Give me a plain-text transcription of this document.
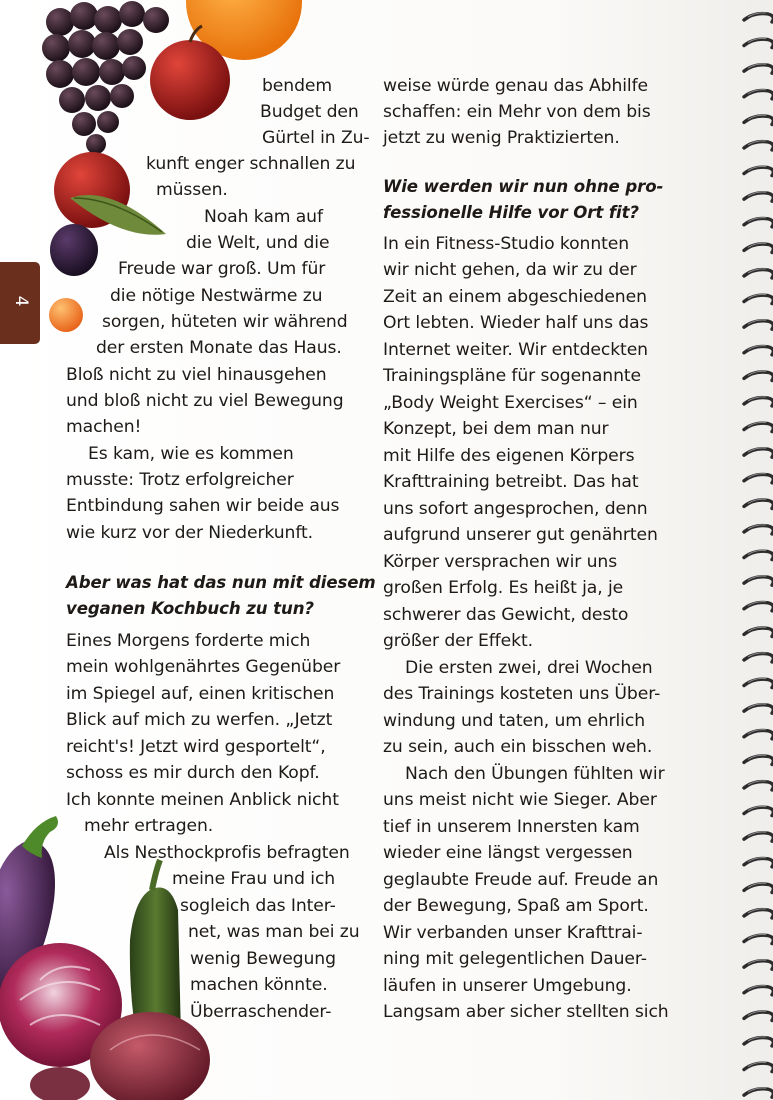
4
bendem
Budget den
Gürtel in Zu-
kunft enger schnallen zu
müssen.
Noah kam auf
die Welt, und die
Freude war groß. Um für
die nötige Nestwärme zu
sorgen, hüteten wir während
der ersten Monate das Haus.
Bloß nicht zu viel hinausgehen
und bloß nicht zu viel Bewegung
machen!
Es kam, wie es kommen
musste: Trotz erfolgreicher
Entbindung sahen wir beide aus
wie kurz vor der Niederkunft.
Aber was hat das nun mit diesem
veganen Kochbuch zu tun?
Eines Morgens forderte mich
mein wohlgenährtes Gegenüber
im Spiegel auf, einen kritischen
Blick auf mich zu werfen. „Jetzt
reicht's! Jetzt wird gesportelt“,
schoss es mir durch den Kopf.
Ich konnte meinen Anblick nicht
mehr ertragen.
Als Nesthockprofis befragten
meine Frau und ich
sogleich das Inter-
net, was man bei zu
wenig Bewegung
machen könnte.
Überraschender-
weise würde genau das Abhilfe
schaffen: ein Mehr von dem bis
jetzt zu wenig Praktizierten.
Wie werden wir nun ohne pro-
fessionelle Hilfe vor Ort fit?
In ein Fitness-Studio konnten
wir nicht gehen, da wir zu der
Zeit an einem abgeschiedenen
Ort lebten. Wieder half uns das
Internet weiter. Wir entdeckten
Trainingspläne für sogenannte
„Body Weight Exercises“ – ein
Konzept, bei dem man nur
mit Hilfe des eigenen Körpers
Krafttraining betreibt. Das hat
uns sofort angesprochen, denn
aufgrund unserer gut genährten
Körper versprachen wir uns
großen Erfolg. Es heißt ja, je
schwerer das Gewicht, desto
größer der Effekt.
Die ersten zwei, drei Wochen
des Trainings kosteten uns Über-
windung und taten, um ehrlich
zu sein, auch ein bisschen weh.
Nach den Übungen fühlten wir
uns meist nicht wie Sieger. Aber
tief in unserem Innersten kam
wieder eine längst vergessen
geglaubte Freude auf. Freude an
der Bewegung, Spaß am Sport.
Wir verbanden unser Krafttrai-
ning mit gelegentlichen Dauer-
läufen in unserer Umgebung.
Langsam aber sicher stellten sich
